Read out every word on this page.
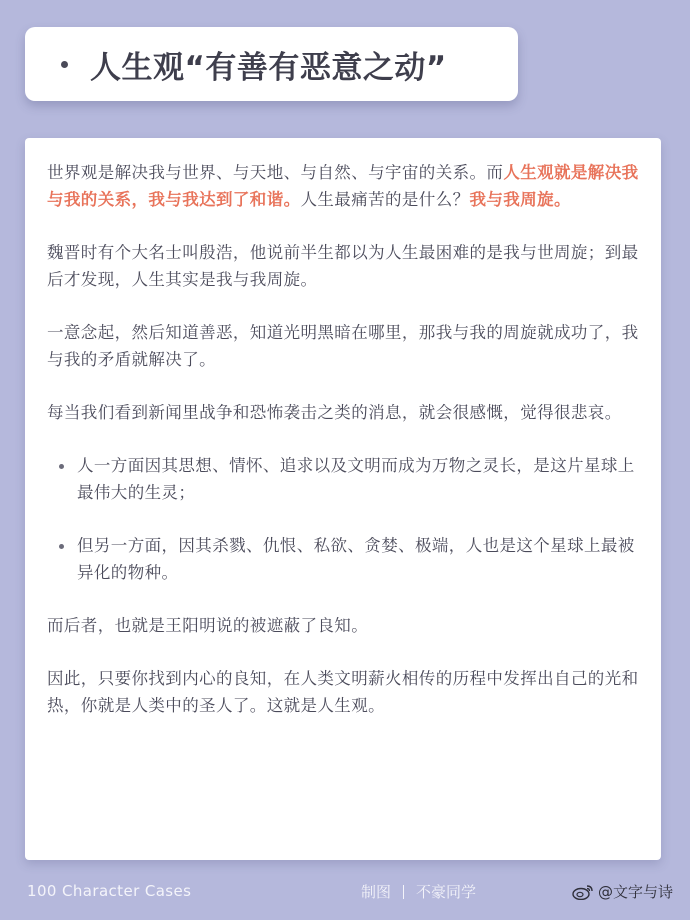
人生观“有善有恶意之动”

世界观是解决我与世界、与天地、与自然、与宇宙的关系。而人生观就是解决我与我的关系，我与我达到了和谐。人生最痛苦的是什么？我与我周旋。

魏晋时有个大名士叫殷浩，他说前半生都以为人生最困难的是我与世周旋；到最后才发现，人生其实是我与我周旋。

一意念起，然后知道善恶，知道光明黑暗在哪里，那我与我的周旋就成功了，我与我的矛盾就解决了。

每当我们看到新闻里战争和恐怖袭击之类的消息，就会很感慨，觉得很悲哀。

人一方面因其思想、情怀、追求以及文明而成为万物之灵长，是这片星球上最伟大的生灵；

但另一方面，因其杀戮、仇恨、私欲、贪婪、极端，人也是这个星球上最被异化的物种。

而后者，也就是王阳明说的被遮蔽了良知。

因此，只要你找到内心的良知，在人类文明薪火相传的历程中发挥出自己的光和热，你就是人类中的圣人了。这就是人生观。

100 Character Cases	制图 不豪同学	@文字与诗
